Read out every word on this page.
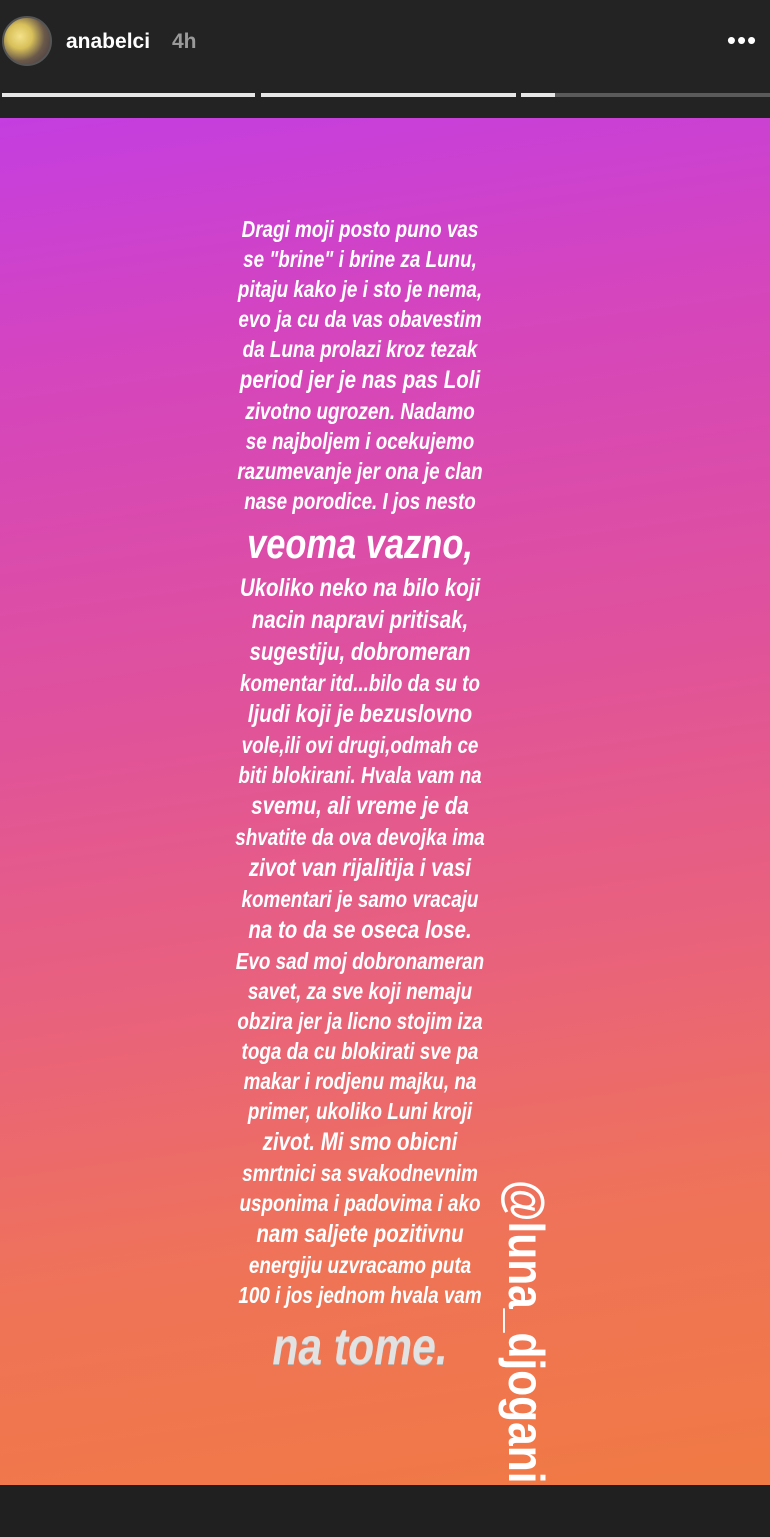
anabelci 4h	•••
Dragi moji posto puno vas
se "brine" i brine za Lunu,
pitaju kako je i sto je nema,
evo ja cu da vas obavestim
da Luna prolazi kroz tezak
period jer je nas pas Loli
zivotno ugrozen. Nadamo
se najboljem i ocekujemo
razumevanje jer ona je clan
nase porodice. I jos nesto
veoma vazno,
Ukoliko neko na bilo koji
nacin napravi pritisak,
sugestiju, dobromeran
komentar itd...bilo da su to
ljudi koji je bezuslovno
vole,ili ovi drugi,odmah ce
biti blokirani. Hvala vam na
svemu, ali vreme je da
shvatite da ova devojka ima
zivot van rijalitija i vasi
komentari je samo vracaju
na to da se oseca lose.
Evo sad moj dobronameran
savet, za sve koji nemaju
obzira jer ja licno stojim iza
toga da cu blokirati sve pa
makar i rodjenu majku, na
primer, ukoliko Luni kroji
zivot. Mi smo obicni
smrtnici sa svakodnevnim
usponima i padovima i ako
nam saljete pozitivnu
energiju uzvracamo puta
100 i jos jednom hvala vam
na tome.	@luna_djogani
